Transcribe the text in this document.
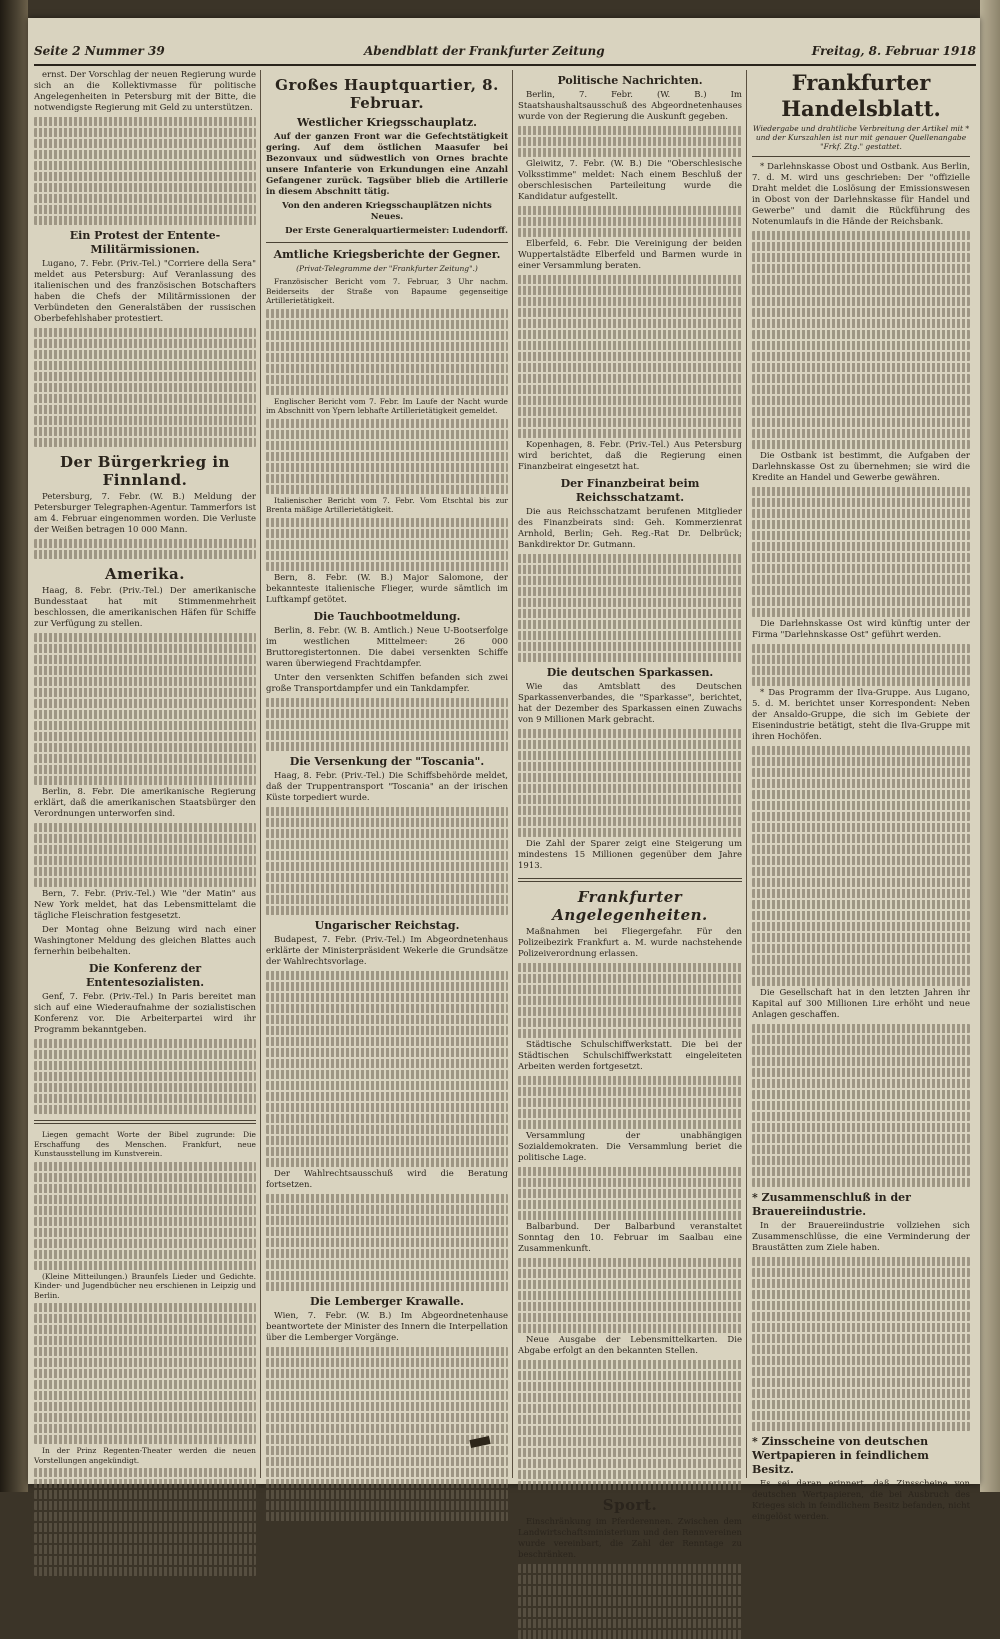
Seite 2 Nummer 39	Abendblatt der Frankfurter Zeitung	Freitag, 8. Februar 1918

ernst. Der Vorschlag der neuen Regierung wurde sich an die Kollektivmasse für politische Angelegenheiten in Petersburg mit der Bitte, die notwendigste Regierung mit Geld zu unterstützen.

Ein Protest der Entente-Militärmissionen.

Lugano, 7. Febr. (Priv.-Tel.) "Corriere della Sera" meldet aus Petersburg: Auf Veranlassung des italienischen und des französischen Botschafters haben die Chefs der Militärmissionen der Verbündeten den Generalstäben der russischen Oberbefehlshaber protestiert.

Der Bürgerkrieg in Finnland.

Petersburg, 7. Febr. (W. B.) Meldung der Petersburger Telegraphen-Agentur. Tammerfors ist am 4. Februar eingenommen worden. Die Verluste der Weißen betragen 10 000 Mann.

Amerika.

Haag, 8. Febr. (Priv.-Tel.) Der amerikanische Bundesstaat hat mit Stimmenmehrheit beschlossen, die amerikanischen Häfen für Schiffe zur Verfügung zu stellen.

Berlin, 8. Febr. Die amerikanische Regierung erklärt, daß die amerikanischen Staatsbürger den Verordnungen unterworfen sind.

Bern, 7. Febr. (Priv.-Tel.) Wie "der Matin" aus New York meldet, hat das Lebensmittelamt die tägliche Fleischration festgesetzt.

Der Montag ohne Beizung wird nach einer Washingtoner Meldung des gleichen Blattes auch fernerhin beibehalten.

Die Konferenz der Ententesozialisten.

Genf, 7. Febr. (Priv.-Tel.) In Paris bereitet man sich auf eine Wiederaufnahme der sozialistischen Konferenz vor. Die Arbeiterpartei wird ihr Programm bekanntgeben.

Liegen gemacht Worte der Bibel zugrunde: Die Erschaffung des Menschen. Frankfurt, neue Kunstausstellung im Kunstverein.

(Kleine Mitteilungen.) Braunfels Lieder und Gedichte. Kinder- und Jugendbücher neu erschienen in Leipzig und Berlin.

In der Prinz Regenten-Theater werden die neuen Vorstellungen angekündigt.

Großes Hauptquartier, 8. Februar.
Westlicher Kriegsschauplatz.

Auf der ganzen Front war die Gefechtstätigkeit gering. Auf dem östlichen Maasufer bei Bezonvaux und südwestlich von Ornes brachte unsere Infanterie von Erkundungen eine Anzahl Gefangener zurück. Tagsüber blieb die Artillerie in diesem Abschnitt tätig.

Von den anderen Kriegsschauplätzen nichts Neues.

Der Erste Generalquartiermeister: Ludendorff.

Amtliche Kriegsberichte der Gegner.
(Privat-Telegramme der "Frankfurter Zeitung".)

Französischer Bericht vom 7. Februar, 3 Uhr nachm. Beiderseits der Straße von Bapaume gegenseitige Artillerietätigkeit.

Englischer Bericht vom 7. Febr. Im Laufe der Nacht wurde im Abschnitt von Ypern lebhafte Artillerietätigkeit gemeldet.

Italienischer Bericht vom 7. Febr. Vom Etschtal bis zur Brenta mäßige Artillerietätigkeit.

Bern, 8. Febr. (W. B.) Major Salomone, der bekannteste italienische Flieger, wurde sämtlich im Luftkampf getötet.

Die Tauchbootmeldung.

Berlin, 8. Febr. (W. B. Amtlich.) Neue U-Bootserfolge im westlichen Mittelmeer: 26 000 Bruttoregistertonnen. Die dabei versenkten Schiffe waren überwiegend Frachtdampfer.

Unter den versenkten Schiffen befanden sich zwei große Transportdampfer und ein Tankdampfer.

Die Versenkung der "Toscania".

Haag, 8. Febr. (Priv.-Tel.) Die Schiffsbehörde meldet, daß der Truppentransport "Toscania" an der irischen Küste torpediert wurde.

Ungarischer Reichstag.

Budapest, 7. Febr. (Priv.-Tel.) Im Abgeordnetenhaus erklärte der Ministerpräsident Wekerle die Grundsätze der Wahlrechtsvorlage.

Der Wahlrechtsausschuß wird die Beratung fortsetzen.

Die Lemberger Krawalle.

Wien, 7. Febr. (W. B.) Im Abgeordnetenhause beantwortete der Minister des Innern die Interpellation über die Lemberger Vorgänge.

Politische Nachrichten.

Berlin, 7. Febr. (W. B.) Im Staatshaushaltsausschuß des Abgeordnetenhauses wurde von der Regierung die Auskunft gegeben.

Gleiwitz, 7. Febr. (W. B.) Die "Oberschlesische Volksstimme" meldet: Nach einem Beschluß der oberschlesischen Parteileitung wurde die Kandidatur aufgestellt.

Elberfeld, 6. Febr. Die Vereinigung der beiden Wuppertalstädte Elberfeld und Barmen wurde in einer Versammlung beraten.

Kopenhagen, 8. Febr. (Priv.-Tel.) Aus Petersburg wird berichtet, daß die Regierung einen Finanzbeirat eingesetzt hat.

Der Finanzbeirat beim Reichsschatzamt.

Die aus Reichsschatzamt berufenen Mitglieder des Finanzbeirats sind: Geh. Kommerzienrat Arnhold, Berlin; Geh. Reg.-Rat Dr. Delbrück; Bankdirektor Dr. Gutmann.

Die deutschen Sparkassen.

Wie das Amtsblatt des Deutschen Sparkassenverbandes, die "Sparkasse", berichtet, hat der Dezember des Sparkassen einen Zuwachs von 9 Millionen Mark gebracht.

Die Zahl der Sparer zeigt eine Steigerung um mindestens 15 Millionen gegenüber dem Jahre 1913.

Frankfurter Angelegenheiten.

Maßnahmen bei Fliegergefahr. Für den Polizeibezirk Frankfurt a. M. wurde nachstehende Polizeiverordnung erlassen.

Städtische Schulschiffwerkstatt. Die bei der Städtischen Schulschiffwerkstatt eingeleiteten Arbeiten werden fortgesetzt.

Versammlung der unabhängigen Sozialdemokraten. Die Versammlung beriet die politische Lage.

Balbarbund. Der Balbarbund veranstaltet Sonntag den 10. Februar im Saalbau eine Zusammenkunft.

Neue Ausgabe der Lebensmittelkarten. Die Abgabe erfolgt an den bekannten Stellen.

Sport.

Einschränkung im Pferderennen. Zwischen dem Landwirtschaftsministerium und den Rennvereinen wurde vereinbart, die Zahl der Renntage zu beschränken.

Frankfurter Handelsblatt.
Wiedergabe und drahtliche Verbreitung der Artikel mit * und der Kurszahlen ist nur mit genauer Quellenangabe "Frkf. Ztg." gestattet.

* Darlehnskasse Obost und Ostbank. Aus Berlin, 7. d. M. wird uns geschrieben: Der "offizielle Draht meldet die Loslösung der Emissionswesen in Obost von der Darlehnskasse für Handel und Gewerbe" und damit die Rückführung des Notenumlaufs in die Hände der Reichsbank.

Die Ostbank ist bestimmt, die Aufgaben der Darlehnskasse Ost zu übernehmen; sie wird die Kredite an Handel und Gewerbe gewähren.

Die Darlehnskasse Ost wird künftig unter der Firma "Darlehnskasse Ost" geführt werden.

* Das Programm der Ilva-Gruppe. Aus Lugano, 5. d. M. berichtet unser Korrespondent: Neben der Ansaldo-Gruppe, die sich im Gebiete der Eisenindustrie betätigt, steht die Ilva-Gruppe mit ihren Hochöfen.

Die Gesellschaft hat in den letzten Jahren ihr Kapital auf 300 Millionen Lire erhöht und neue Anlagen geschaffen.

* Zusammenschluß in der Brauereiindustrie.

In der Brauereiindustrie vollziehen sich Zusammenschlüsse, die eine Verminderung der Braustätten zum Ziele haben.

* Zinsscheine von deutschen Wertpapieren in feindlichem Besitz.

Es sei daran erinnert, daß Zinsscheine von deutschen Wertpapieren, die bei Ausbruch des Krieges sich in feindlichem Besitz befanden, nicht eingelöst werden.
